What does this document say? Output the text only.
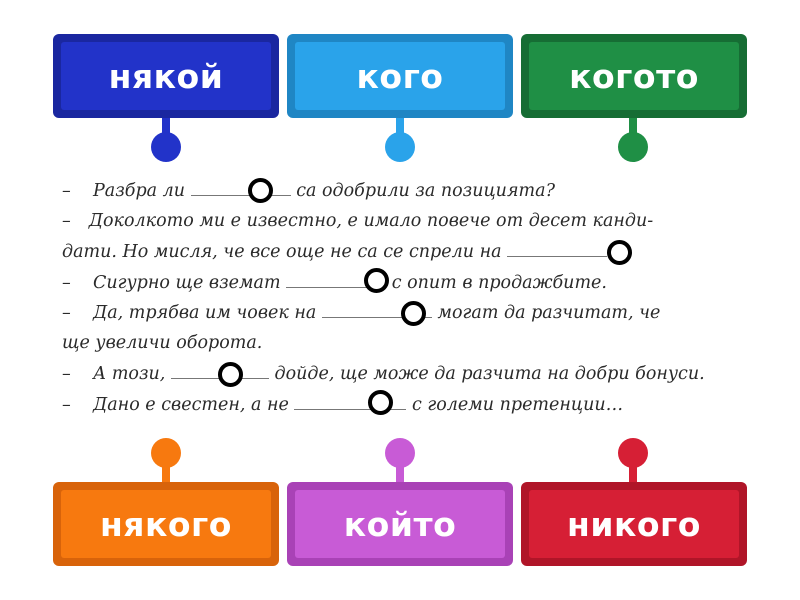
някой	кого	когото
– Разбра ли	са одобрили за позицията?
– Доколкото ми е известно, е имало повече от десет канди-
дати. Но мисля, че все още не са се спрели на
– Сигурно ще вземат	с опит в продажбите.
– Да, трябва им човек на	могат да разчитат, че
ще увеличи оборота.
– А този,	дойде, ще може да разчита на добри бонуси.
– Дано е свестен, а не	с големи претенции…
някого	който	никого
